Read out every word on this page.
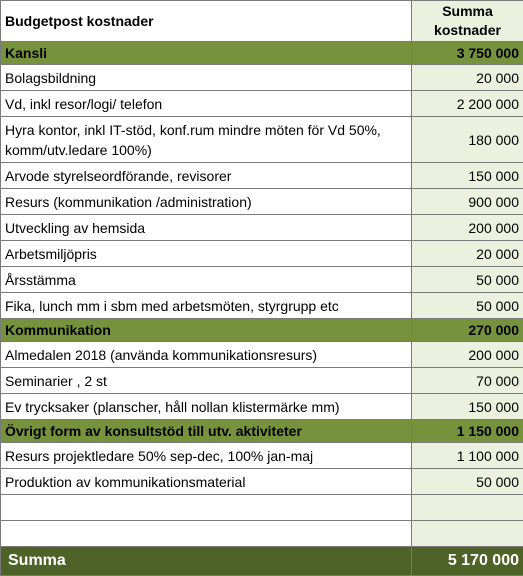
Budgetpost kostnader	Summa
kostnader
Kansli	3 750 000
Bolagsbildning	20 000
Vd, inkl resor/logi/ telefon	2 200 000
Hyra kontor, inkl IT-stöd, konf.rum mindre möten för Vd 50%, komm/utv.ledare 100%)	180 000
Arvode styrelseordförande, revisorer	150 000
Resurs (kommunikation /administration)	900 000
Utveckling av hemsida	200 000
Arbetsmiljöpris	20 000
Årsstämma	50 000
Fika, lunch mm i sbm med arbetsmöten, styrgrupp etc	50 000
Kommunikation	270 000
Almedalen 2018 (använda kommunikationsresurs)	200 000
Seminarier , 2 st	70 000
Ev trycksaker (planscher, håll nollan klistermärke mm)	150 000
Övrigt form av konsultstöd till utv. aktiviteter	1 150 000
Resurs projektledare 50% sep-dec, 100% jan-maj	1 100 000
Produktion av kommunikationsmaterial	50 000

Summa	5 170 000
